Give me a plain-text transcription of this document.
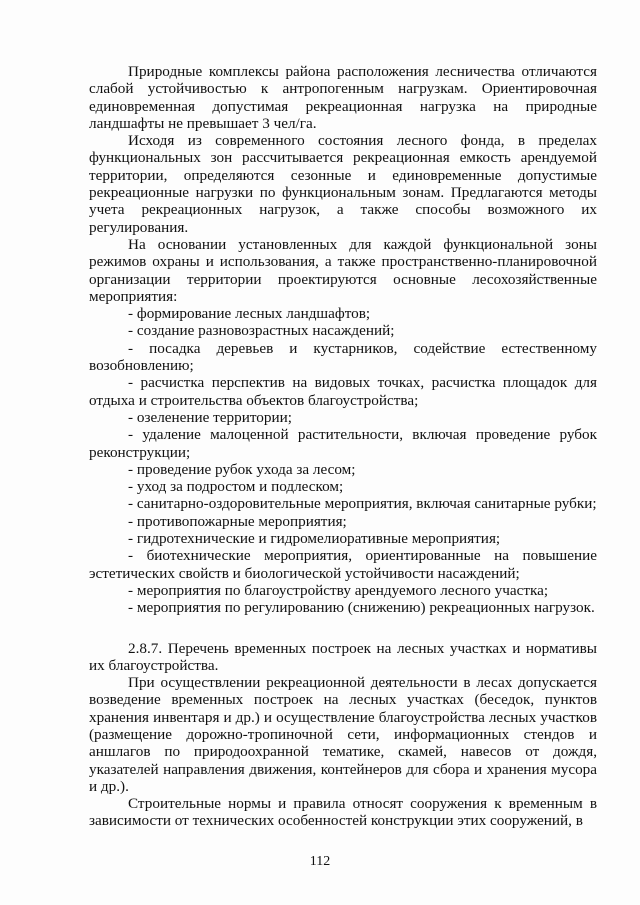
Природные комплексы района расположения лесничества отличаются слабой устойчивостью к антропогенным нагрузкам. Ориентировочная единовременная допустимая рекреационная нагрузка на природные ландшафты не превышает 3 чел/га.

Исходя из современного состояния лесного фонда, в пределах функциональных зон рассчитывается рекреационная емкость арендуемой территории, определяются сезонные и единовременные допустимые рекреационные нагрузки по функциональным зонам. Предлагаются методы учета рекреационных нагрузок, а также способы возможного их регулирования.

На основании установленных для каждой функциональной зоны режимов охраны и использования, а также пространственно-планировочной организации территории проектируются основные лесохозяйственные мероприятия:

- формирование лесных ландшафтов;

- создание разновозрастных насаждений;

- посадка деревьев и кустарников, содействие естественному возобновлению;

- расчистка перспектив на видовых точках, расчистка площадок для отдыха и строительства объектов благоустройства;

- озеленение территории;

- удаление малоценной растительности, включая проведение рубок реконструкции;

- проведение рубок ухода за лесом;

- уход за подростом и подлеском;

- санитарно-оздоровительные мероприятия, включая санитарные рубки;

- противопожарные мероприятия;

- гидротехнические и гидромелиоративные мероприятия;

- биотехнические мероприятия, ориентированные на повышение эстетических свойств и биологической устойчивости насаждений;

- мероприятия по благоустройству арендуемого лесного участка;

- мероприятия по регулированию (снижению) рекреационных нагрузок.

2.8.7. Перечень временных построек на лесных участках и нормативы их благоустройства.

При осуществлении рекреационной деятельности в лесах допускается возведение временных построек на лесных участках (беседок, пунктов хранения инвентаря и др.) и осуществление благоустройства лесных участков (размещение дорожно-тропиночной сети, информационных стендов и аншлагов по природоохранной тематике, скамей, навесов от дождя, указателей направления движения, контейнеров для сбора и хранения мусора и др.).

Строительные нормы и правила относят сооружения к временным в зависимости от технических особенностей конструкции этих сооружений, в

112
